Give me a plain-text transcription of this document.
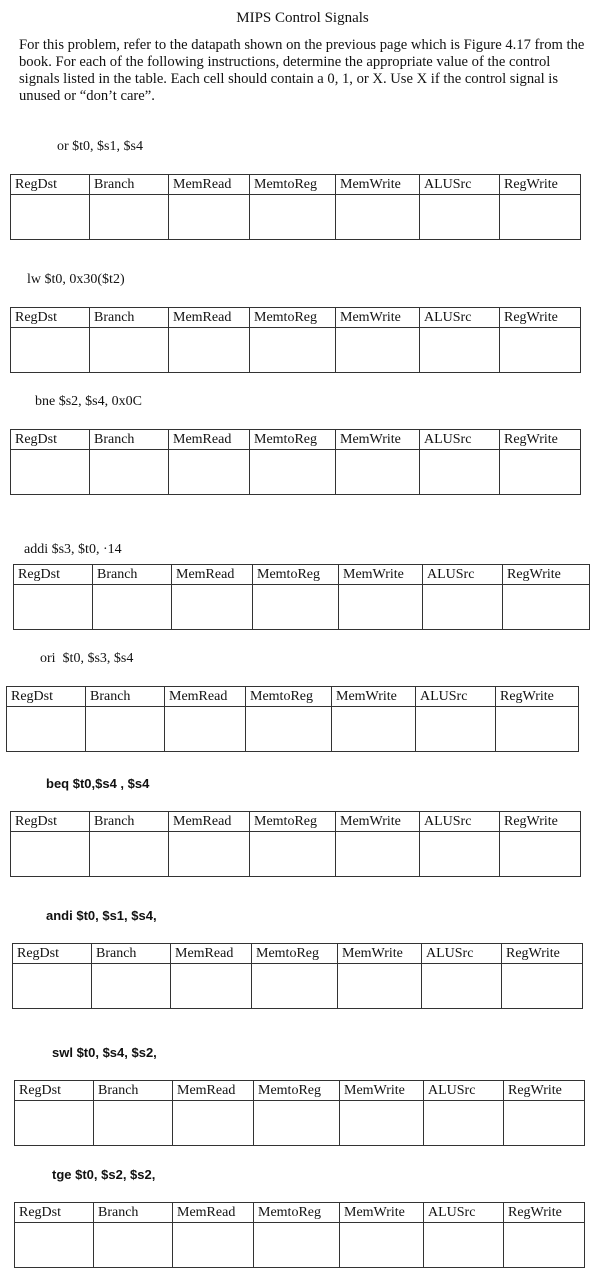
MIPS Control Signals
For this problem, refer to the datapath shown on the previous page which is Figure 4.17 from the book. For each of the following instructions, determine the appropriate value of the control signals listed in the table. Each cell should contain a 0, 1, or X. Use X if the control signal is unused or “don’t care”.
or $t0, $s1, $s4
RegDst	Branch	MemRead	MemtoReg	MemWrite	ALUSrc	RegWrite

lw $t0, 0x30($t2)
RegDst	Branch	MemRead	MemtoReg	MemWrite	ALUSrc	RegWrite

bne $s2, $s4, 0x0C
RegDst	Branch	MemRead	MemtoReg	MemWrite	ALUSrc	RegWrite

addi $s3, $t0, ·14
RegDst	Branch	MemRead	MemtoReg	MemWrite	ALUSrc	RegWrite

ori  $t0, $s3, $s4
RegDst	Branch	MemRead	MemtoReg	MemWrite	ALUSrc	RegWrite

beq $t0,$s4 , $s4
RegDst	Branch	MemRead	MemtoReg	MemWrite	ALUSrc	RegWrite

andi $t0, $s1, $s4,
RegDst	Branch	MemRead	MemtoReg	MemWrite	ALUSrc	RegWrite

swl $t0, $s4, $s2,
RegDst	Branch	MemRead	MemtoReg	MemWrite	ALUSrc	RegWrite

tge $t0, $s2, $s2,
RegDst	Branch	MemRead	MemtoReg	MemWrite	ALUSrc	RegWrite
